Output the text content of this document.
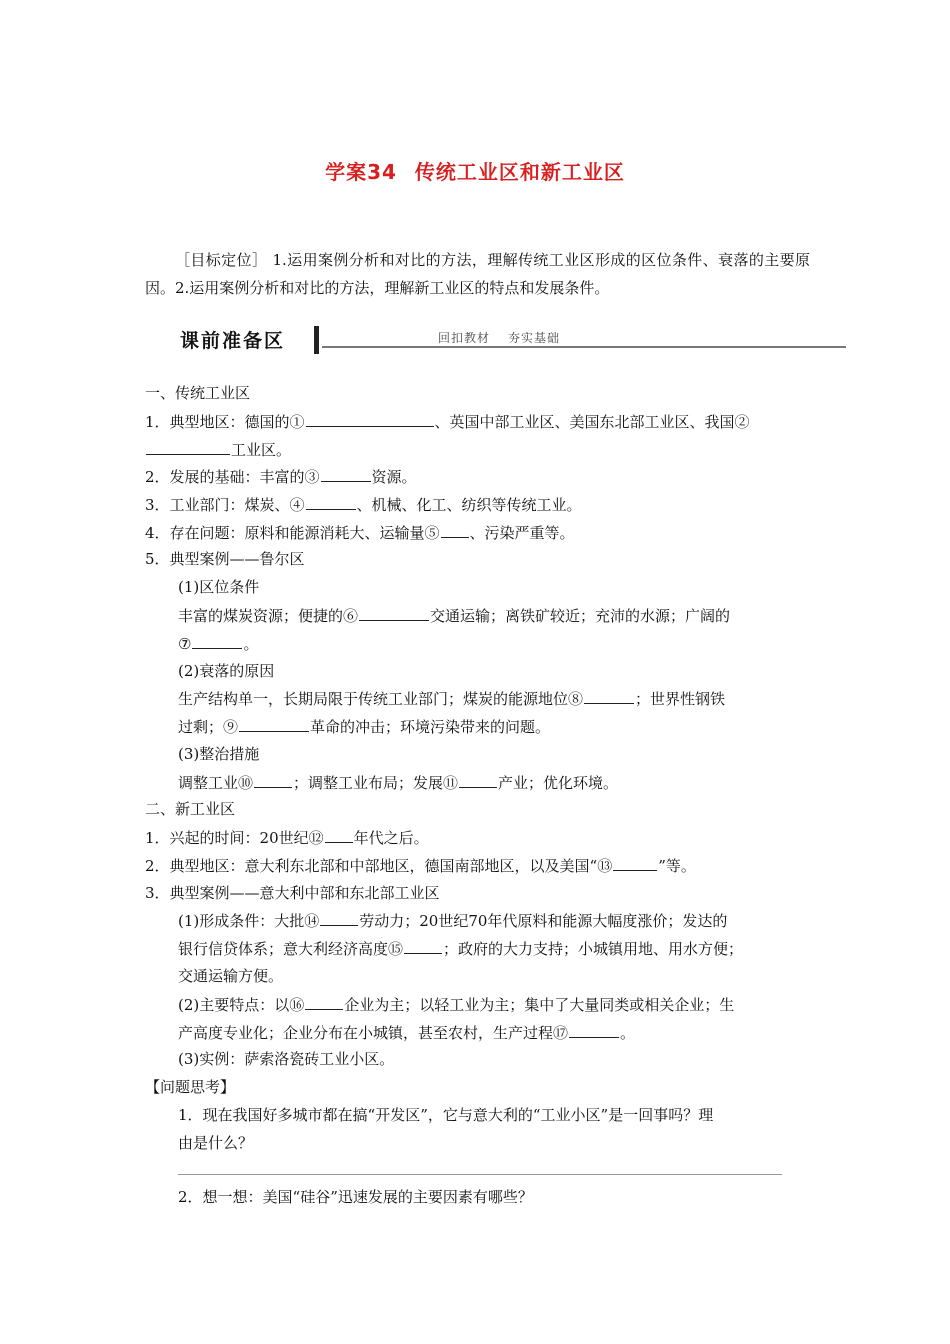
学案34 传统工业区和新工业区
［目标定位］ 1.运用案例分析和对比的方法，理解传统工业区形成的区位条件、衰落的主要原因。2.运用案例分析和对比的方法，理解新工业区的特点和发展条件。
课前准备区	回扣教材 夯实基础
一、传统工业区
1．典型地区：德国的①	、英国中部工业区、美国东北部工业区、我国②
工业区。
2．发展的基础：丰富的③	资源。
3．工业部门：煤炭、④	、机械、化工、纺织等传统工业。
4．存在问题：原料和能源消耗大、运输量⑤ 、污染严重等。
5．典型案例——鲁尔区
(1)区位条件
丰富的煤炭资源；便捷的⑥	交通运输；离铁矿较近；充沛的水源；广阔的
⑦	。
(2)衰落的原因
生产结构单一，长期局限于传统工业部门；煤炭的能源地位⑧	；世界性钢铁
过剩；⑨	革命的冲击；环境污染带来的问题。
(3)整治措施
调整工业⑩	；调整工业布局；发展⑪	产业；优化环境。
二、新工业区
1．兴起的时间：20世纪⑫ 年代之后。
2．典型地区：意大利东北部和中部地区，德国南部地区，以及美国“⑬	”等。
3．典型案例——意大利中部和东北部工业区
(1)形成条件：大批⑭	劳动力；20世纪70年代原料和能源大幅度涨价；发达的
银行信贷体系；意大利经济高度⑮	；政府的大力支持；小城镇用地、用水方便；
交通运输方便。
(2)主要特点：以⑯	企业为主；以轻工业为主；集中了大量同类或相关企业；生
产高度专业化；企业分布在小城镇，甚至农村，生产过程⑰	。
(3)实例：萨索洛瓷砖工业小区。
【问题思考】
1．现在我国好多城市都在搞“开发区”，它与意大利的“工业小区”是一回事吗？理
由是什么？
2．想一想：美国“硅谷”迅速发展的主要因素有哪些？
